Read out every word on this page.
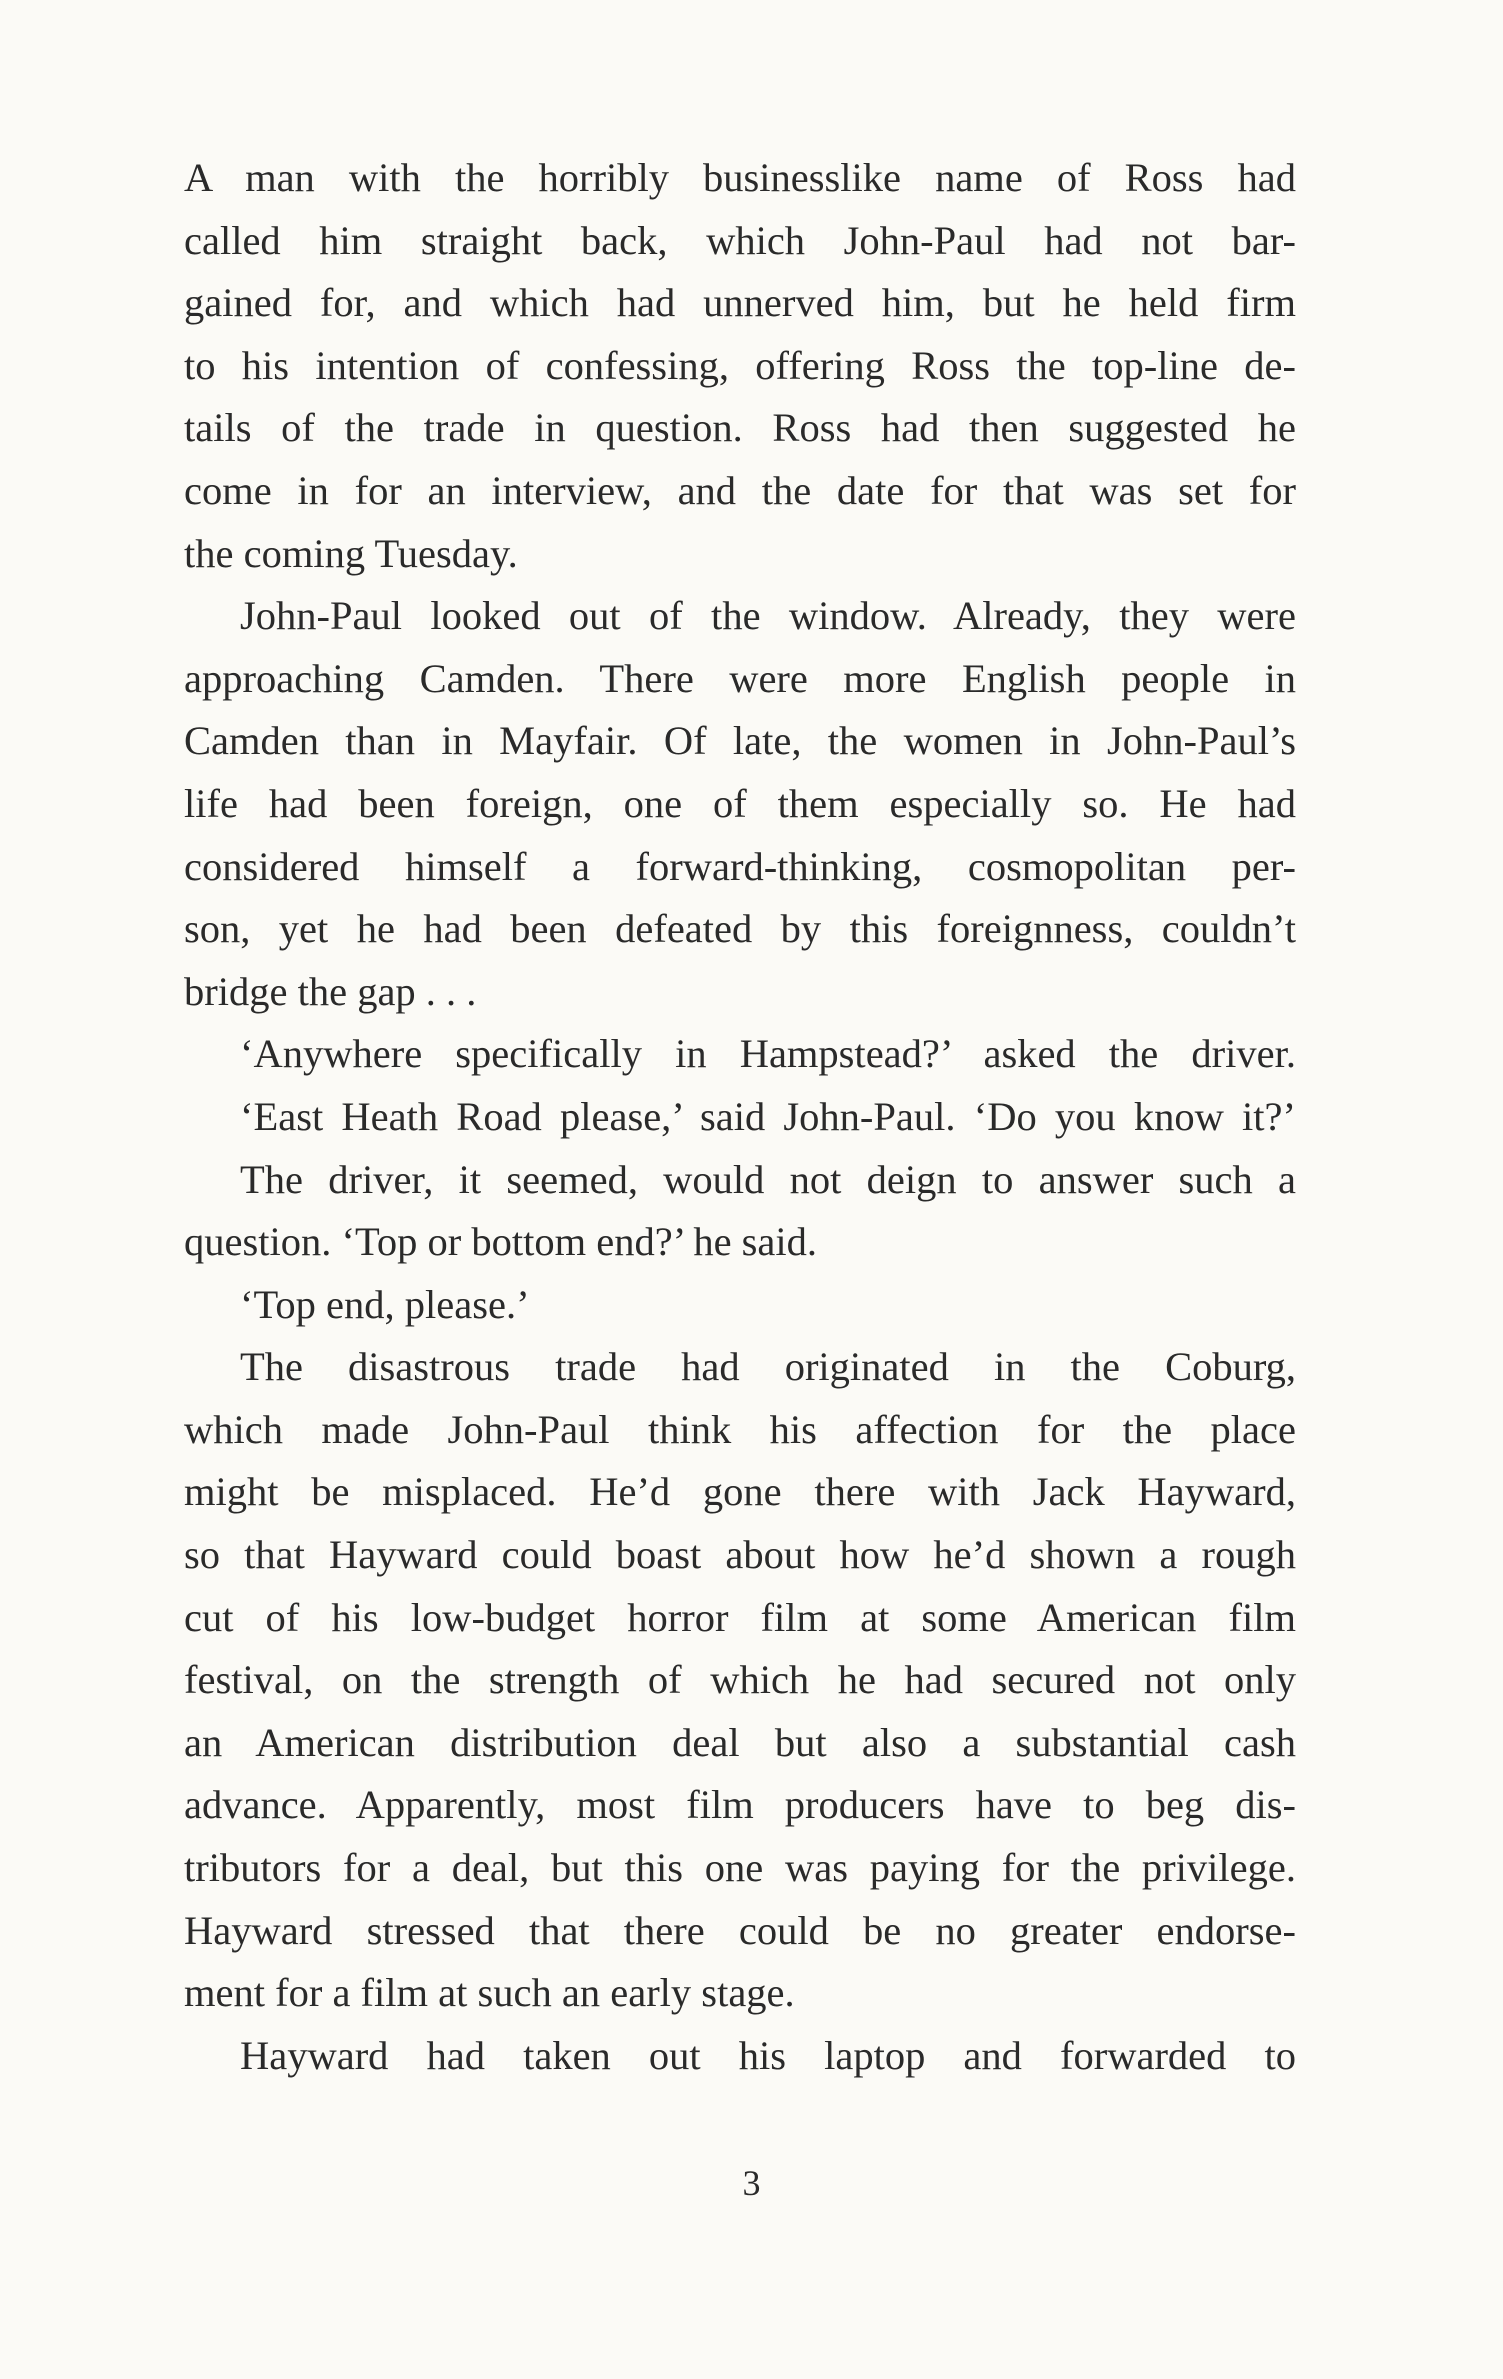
A man with the horribly businesslike name of Ross had
called him straight back, which John-Paul had not bar-
gained for, and which had unnerved him, but he held firm
to his intention of confessing, offering Ross the top-line de-
tails of the trade in question. Ross had then suggested he
come in for an interview, and the date for that was set for
the coming Tuesday.
John-Paul looked out of the window. Already, they were
approaching Camden. There were more English people in
Camden than in Mayfair. Of late, the women in John-Paul’s
life had been foreign, one of them especially so. He had
considered himself a forward-thinking, cosmopolitan per-
son, yet he had been defeated by this foreignness, couldn’t
bridge the gap . . .
‘Anywhere specifically in Hampstead?’ asked the driver.
‘East Heath Road please,’ said John-Paul. ‘Do you know it?’
The driver, it seemed, would not deign to answer such a
question. ‘Top or bottom end?’ he said.
‘Top end, please.’
The disastrous trade had originated in the Coburg,
which made John-Paul think his affection for the place
might be misplaced. He’d gone there with Jack Hayward,
so that Hayward could boast about how he’d shown a rough
cut of his low-budget horror film at some American film
festival, on the strength of which he had secured not only
an American distribution deal but also a substantial cash
advance. Apparently, most film producers have to beg dis-
tributors for a deal, but this one was paying for the privilege.
Hayward stressed that there could be no greater endorse-
ment for a film at such an early stage.
Hayward had taken out his laptop and forwarded to
3
